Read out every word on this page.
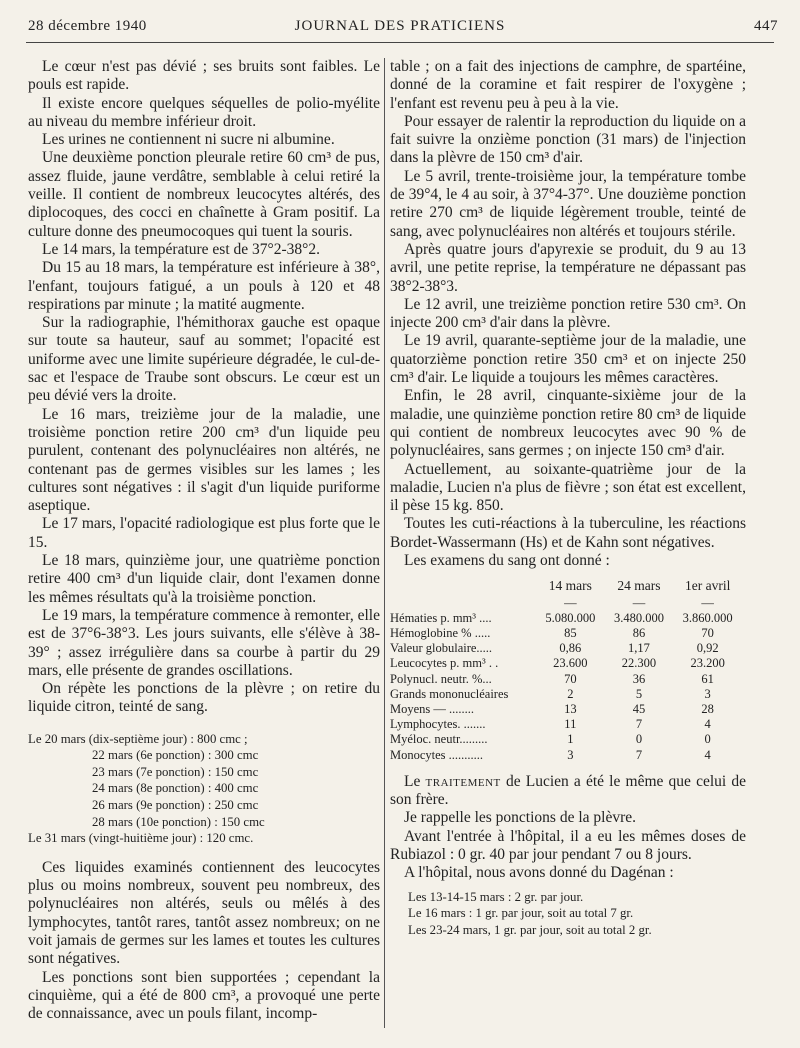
28 décembre 1940	JOURNAL DES PRATICIENS	447

Le cœur n'est pas dévié ; ses bruits sont faibles. Le pouls est rapide.

Il existe encore quelques séquelles de polio-myélite au niveau du membre inférieur droit.

Les urines ne contiennent ni sucre ni albumine.

Une deuxième ponction pleurale retire 60 cm³ de pus, assez fluide, jaune verdâtre, semblable à celui retiré la veille. Il contient de nombreux leucocytes altérés, des diplocoques, des cocci en chaînette à Gram positif. La culture donne des pneumocoques qui tuent la souris.

Le 14 mars, la température est de 37°2-38°2.

Du 15 au 18 mars, la température est inférieure à 38°, l'enfant, toujours fatigué, a un pouls à 120 et 48 respirations par minute ; la matité augmente.

Sur la radiographie, l'hémithorax gauche est opaque sur toute sa hauteur, sauf au sommet; l'opacité est uniforme avec une limite supérieure dégradée, le cul-de-sac et l'espace de Traube sont obscurs. Le cœur est un peu dévié vers la droite.

Le 16 mars, treizième jour de la maladie, une troisième ponction retire 200 cm³ d'un liquide peu purulent, contenant des polynucléaires non altérés, ne contenant pas de germes visibles sur les lames ; les cultures sont négatives : il s'agit d'un liquide puriforme aseptique.

Le 17 mars, l'opacité radiologique est plus forte que le 15.

Le 18 mars, quinzième jour, une quatrième ponction retire 400 cm³ d'un liquide clair, dont l'examen donne les mêmes résultats qu'à la troisième ponction.

Le 19 mars, la température commence à remonter, elle est de 37°6-38°3. Les jours suivants, elle s'élève à 38-39° ; assez irrégulière dans sa courbe à partir du 29 mars, elle présente de grandes oscillations.

On répète les ponctions de la plèvre ; on retire du liquide citron, teinté de sang.

Le 20 mars (dix-septième jour) : 800 cmc ;
22 mars (6e ponction) : 300 cmc
23 mars (7e ponction) : 150 cmc
24 mars (8e ponction) : 400 cmc
26 mars (9e ponction) : 250 cmc
28 mars (10e ponction) : 150 cmc
Le 31 mars (vingt-huitième jour) : 120 cmc.

Ces liquides examinés contiennent des leucocytes plus ou moins nombreux, souvent peu nombreux, des polynucléaires non altérés, seuls ou mêlés à des lymphocytes, tantôt rares, tantôt assez nombreux; on ne voit jamais de germes sur les lames et toutes les cultures sont négatives.

Les ponctions sont bien supportées ; cependant la cinquième, qui a été de 800 cm³, a provoqué une perte de connaissance, avec un pouls filant, incomp-

table ; on a fait des injections de camphre, de spartéine, donné de la coramine et fait respirer de l'oxygène ; l'enfant est revenu peu à peu à la vie.

Pour essayer de ralentir la reproduction du liquide on a fait suivre la onzième ponction (31 mars) de l'injection dans la plèvre de 150 cm³ d'air.

Le 5 avril, trente-troisième jour, la température tombe de 39°4, le 4 au soir, à 37°4-37°. Une douzième ponction retire 270 cm³ de liquide légèrement trouble, teinté de sang, avec polynucléaires non altérés et toujours stérile.

Après quatre jours d'apyrexie se produit, du 9 au 13 avril, une petite reprise, la température ne dépassant pas 38°2-38°3.

Le 12 avril, une treizième ponction retire 530 cm³. On injecte 200 cm³ d'air dans la plèvre.

Le 19 avril, quarante-septième jour de la maladie, une quatorzième ponction retire 350 cm³ et on injecte 250 cm³ d'air. Le liquide a toujours les mêmes caractères.

Enfin, le 28 avril, cinquante-sixième jour de la maladie, une quinzième ponction retire 80 cm³ de liquide qui contient de nombreux leucocytes avec 90 % de polynucléaires, sans germes ; on injecte 150 cm³ d'air.

Actuellement, au soixante-quatrième jour de la maladie, Lucien n'a plus de fièvre ; son état est excellent, il pèse 15 kg. 850.

Toutes les cuti-réactions à la tuberculine, les réactions Bordet-Wassermann (Hs) et de Kahn sont négatives.

Les examens du sang ont donné :

	14 mars	24 mars	1er avril
	—	—	—
Hématies p. mm³ ....	5.080.000	3.480.000	3.860.000
Hémoglobine % .....	85	86	70
Valeur globulaire.....	0,86	1,17	0,92
Leucocytes p. mm³ . .	23.600	22.300	23.200
Polynucl. neutr. %...	70	36	61
Grands mononucléaires	2	5	3
Moyens — ........	13	45	28
Lymphocytes. .......	11	7	4
Myéloc. neutr.........	1	0	0
Monocytes ...........	3	7	4

Le traitement de Lucien a été le même que celui de son frère.

Je rappelle les ponctions de la plèvre.

Avant l'entrée à l'hôpital, il a eu les mêmes doses de Rubiazol : 0 gr. 40 par jour pendant 7 ou 8 jours.

A l'hôpital, nous avons donné du Dagénan :

Les 13-14-15 mars : 2 gr. par jour.
Le 16 mars : 1 gr. par jour, soit au total 7 gr.
Les 23-24 mars, 1 gr. par jour, soit au total 2 gr.
